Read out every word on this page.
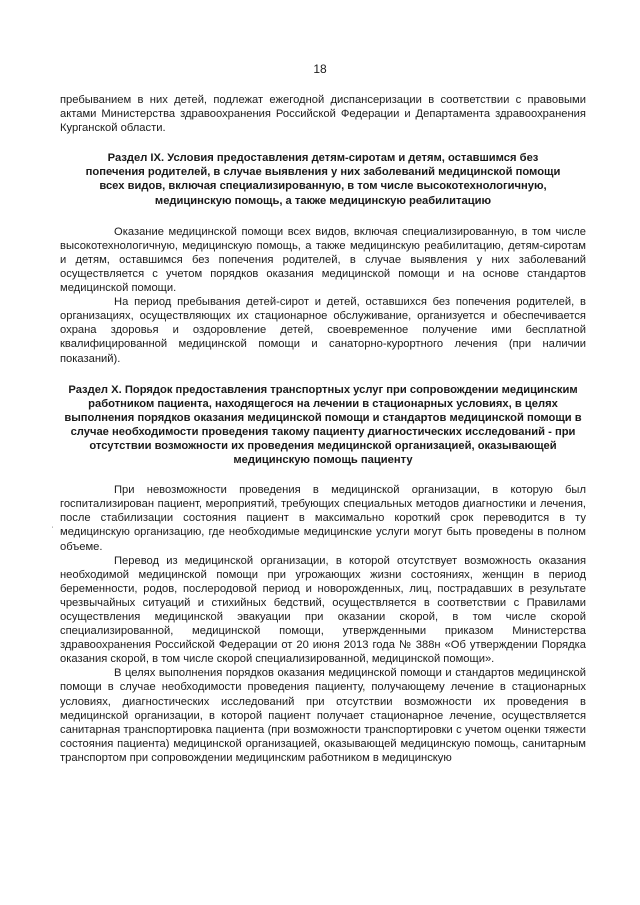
18

пребыванием в них детей, подлежат ежегодной диспансеризации в соответствии с правовыми актами Министерства здравоохранения Российской Федерации и Департамента здравоохранения Курганской области.

Раздел IX. Условия предоставления детям-сиротам и детям, оставшимся без попечения родителей, в случае выявления у них заболеваний медицинской помощи всех видов, включая специализированную, в том числе высокотехнологичную, медицинскую помощь, а также медицинскую реабилитацию

Оказание медицинской помощи всех видов, включая специализированную, в том числе высокотехнологичную, медицинскую помощь, а также медицинскую реабилитацию, детям-сиротам и детям, оставшимся без попечения родителей, в случае выявления у них заболеваний осуществляется с учетом порядков оказания медицинской помощи и на основе стандартов медицинской помощи.

На период пребывания детей-сирот и детей, оставшихся без попечения родителей, в организациях, осуществляющих их стационарное обслуживание, организуется и обеспечивается охрана здоровья и оздоровление детей, своевременное получение ими бесплатной квалифицированной медицинской помощи и санаторно-курортного лечения (при наличии показаний).

Раздел X. Порядок предоставления транспортных услуг при сопровождении медицинским работником пациента, находящегося на лечении в стационарных условиях, в целях выполнения порядков оказания медицинской помощи и стандартов медицинской помощи в случае необходимости проведения такому пациенту диагностических исследований - при отсутствии возможности их проведения медицинской организацией, оказывающей медицинскую помощь пациенту

При невозможности проведения в медицинской организации, в которую был госпитализирован пациент, мероприятий, требующих специальных методов диагностики и лечения, после стабилизации состояния пациент в максимально короткий срок переводится в ту медицинскую организацию, где необходимые медицинские услуги могут быть проведены в полном объеме.

Перевод из медицинской организации, в которой отсутствует возможность оказания необходимой медицинской помощи при угрожающих жизни состояниях, женщин в период беременности, родов, послеродовой период и новорожденных, лиц, пострадавших в результате чрезвычайных ситуаций и стихийных бедствий, осуществляется в соответствии с Правилами осуществления медицинской эвакуации при оказании скорой, в том числе скорой специализированной, медицинской помощи, утвержденными приказом Министерства здравоохранения Российской Федерации от 20 июня 2013 года № 388н «Об утверждении Порядка оказания скорой, в том числе скорой специализированной, медицинской помощи».

В целях выполнения порядков оказания медицинской помощи и стандартов медицинской помощи в случае необходимости проведения пациенту, получающему лечение в стационарных условиях, диагностических исследований при отсутствии возможности их проведения в медицинской организации, в которой пациент получает стационарное лечение, осуществляется санитарная транспортировка пациента (при возможности транспортировки с учетом оценки тяжести состояния пациента) медицинской организацией, оказывающей медицинскую помощь, санитарным транспортом при сопровождении медицинским работником в медицинскую

ˌ
